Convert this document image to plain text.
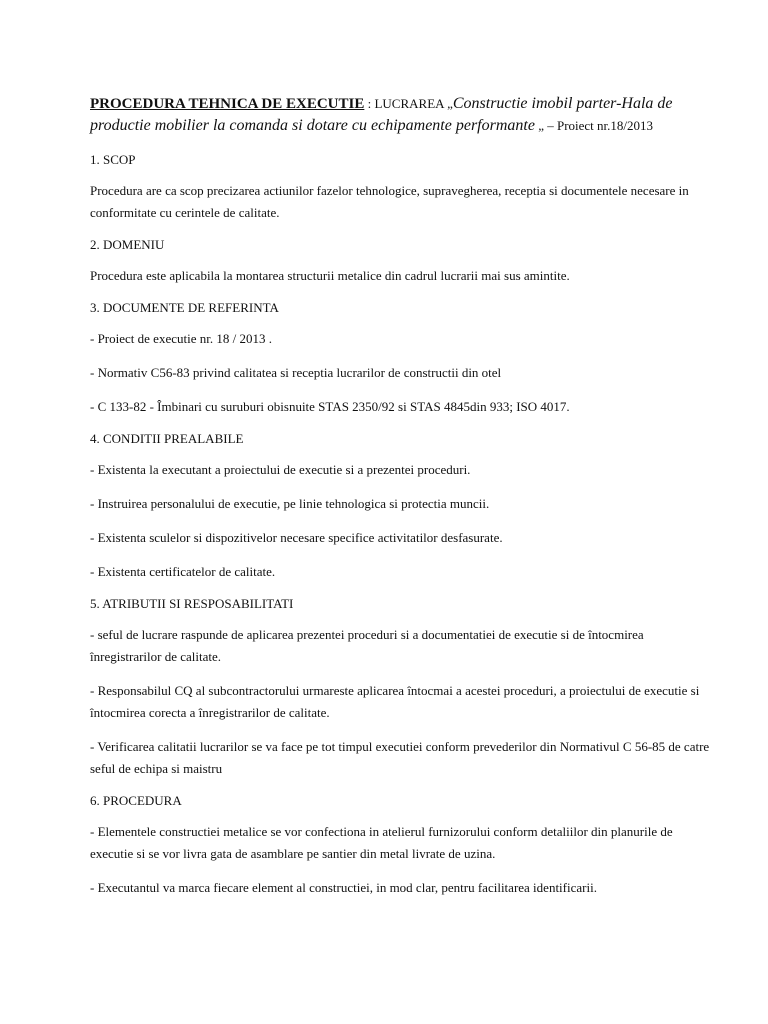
PROCEDURA TEHNICA DE EXECUTIE : LUCRAREA „Constructie imobil parter-Hala de productie mobilier la comanda si dotare cu echipamente performante „ – Proiect nr.18/2013

1. SCOP
Procedura are ca scop precizarea actiunilor fazelor tehnologice, supravegherea, receptia si documentele necesare in conformitate cu cerintele de calitate.
2. DOMENIU
Procedura este aplicabila la montarea structurii metalice din cadrul lucrarii mai sus amintite.
3. DOCUMENTE DE REFERINTA
- Proiect de executie nr. 18 / 2013 .
- Normativ C56-83 privind calitatea si receptia lucrarilor de constructii din otel
- C 133-82 - Îmbinari cu suruburi obisnuite STAS 2350/92 si STAS 4845din 933; ISO 4017.
4. CONDITII PREALABILE
- Existenta la executant a proiectului de executie si a prezentei proceduri.
- Instruirea personalului de executie, pe linie tehnologica si protectia muncii.
- Existenta sculelor si dispozitivelor necesare specifice activitatilor desfasurate.
- Existenta certificatelor de calitate.
5. ATRIBUTII SI RESPOSABILITATI
- seful de lucrare raspunde de aplicarea prezentei proceduri si a documentatiei de executie si de întocmirea înregistrarilor de calitate.
- Responsabilul CQ al subcontractorului urmareste aplicarea întocmai a acestei proceduri, a proiectului de executie si întocmirea corecta a înregistrarilor de calitate.
- Verificarea calitatii lucrarilor se va face pe tot timpul executiei conform prevederilor din Normativul C 56-85 de catre seful de echipa si maistru
6. PROCEDURA
- Elementele constructiei metalice se vor confectiona in atelierul furnizorului conform detaliilor din planurile de executie si se vor livra gata de asamblare pe santier din metal livrate de uzina.
- Executantul va marca fiecare element al constructiei, in mod clar, pentru facilitarea identificarii.
